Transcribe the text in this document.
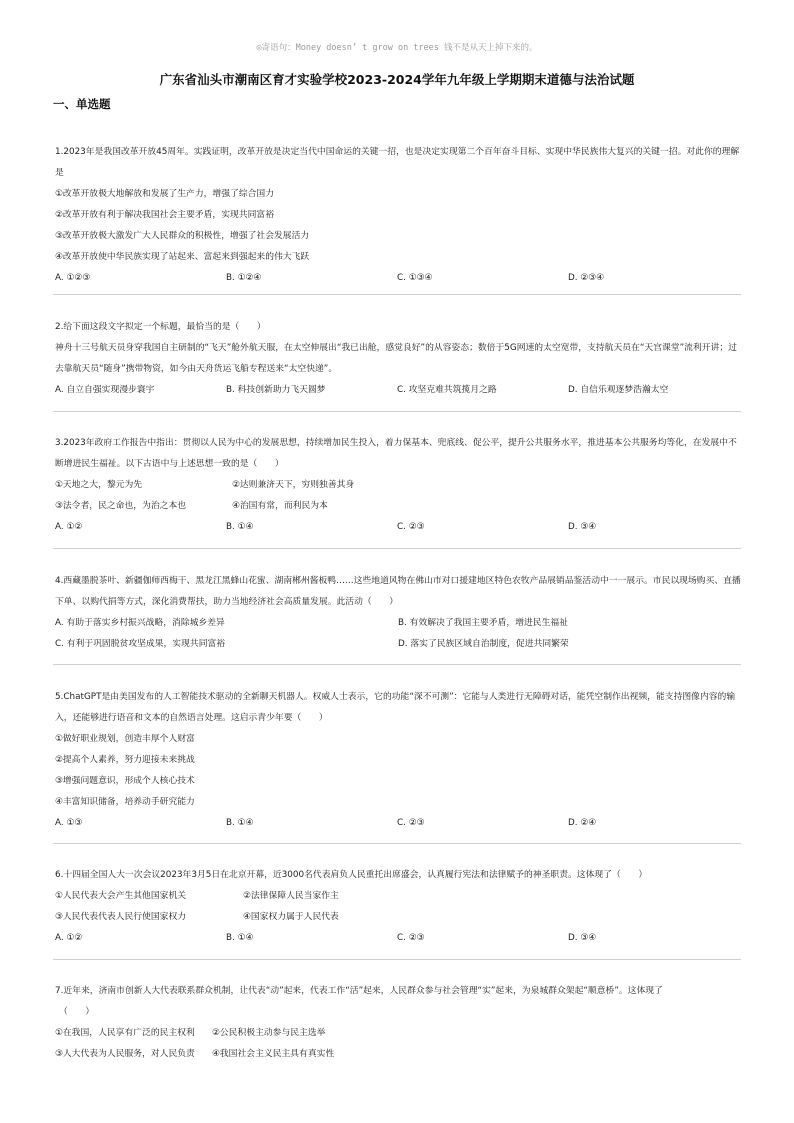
◎寄语句：Money doesn’ t grow on trees 钱不是从天上掉下来的。
广东省汕头市潮南区育才实验学校2023-2024学年九年级上学期期末道德与法治试题
一、单选题
1.2023年是我国改革开放45周年。实践证明，改革开放是决定当代中国命运的关键一招，也是决定实现第二个百年奋斗目标、实现中华民族伟大复兴的关键一招。对此你的理解是
①改革开放极大地解放和发展了生产力，增强了综合国力
②改革开放有利于解决我国社会主要矛盾，实现共同富裕
③改革开放极大激发广大人民群众的积极性，增强了社会发展活力
④改革开放使中华民族实现了站起来、富起来到强起来的伟大飞跃
A. ①②③	B. ①②④	C. ①③④	D. ②③④
2.给下面这段文字拟定一个标题，最恰当的是（　　）
神舟十三号航天员身穿我国自主研制的“飞天”舱外航天服，在太空伸展出“我已出舱，感觉良好”的从容姿态；数倍于5G网速的太空宽带，支持航天员在“天宫课堂”流利开讲；过去靠航天员“随身”携带物资，如今由天舟货运飞船专程送来“太空快递”。
A. 自立自强实现漫步寰宇	B. 科技创新助力飞天圆梦	C. 攻坚克难共筑揽月之路	D. 自信乐观逐梦浩瀚太空
3.2023年政府工作报告中指出：贯彻以人民为中心的发展思想，持续增加民生投入，着力保基本、兜底线、促公平，提升公共服务水平，推进基本公共服务均等化，在发展中不断增进民生福祉。以下古语中与上述思想一致的是（　　）
①天地之大，黎元为先	②达则兼济天下，穷则独善其身
③法令者，民之命也，为治之本也	④治国有常，而利民为本
A. ①②	B. ①④	C. ②③	D. ③④
4.西藏墨脱茶叶、新疆伽师西梅干、黑龙江黑蜂山花蜜、湖南郴州酱板鸭……这些地道风物在佛山市对口援建地区特色农牧产品展销品鉴活动中一一展示。市民以现场购买、直播下单、以购代捐等方式，深化消费帮扶，助力当地经济社会高质量发展。此活动（　　）
A. 有助于落实乡村振兴战略，消除城乡差异	B. 有效解决了我国主要矛盾，增进民生福祉
C. 有利于巩固脱贫攻坚成果，实现共同富裕	D. 落实了民族区域自治制度，促进共同繁荣
5.ChatGPT是由美国发布的人工智能技术驱动的全新聊天机器人。权威人士表示，它的功能“深不可测”：它能与人类进行无障碍对话，能凭空制作出视频，能支持图像内容的输入，还能够进行语音和文本的自然语言处理。这启示青少年要（　　）
①做好职业规划，创造丰厚个人财富
②提高个人素养，努力迎接未来挑战
③增强问题意识，形成个人核心技术
④丰富知识储备，培养动手研究能力
A. ①③	B. ①④	C. ②③	D. ②④
6.十四届全国人大一次会议2023年3月5日在北京开幕，近3000名代表肩负人民重托出席盛会，认真履行宪法和法律赋予的神圣职责。这体现了（　　）
①人民代表大会产生其他国家机关	②法律保障人民当家作主
③人民代表代表人民行使国家权力	④国家权力属于人民代表
A. ①②	B. ①④	C. ②③	D. ③④
7.近年来，济南市创新人大代表联系群众机制，让代表“动”起来，代表工作“活”起来，人民群众参与社会管理“实”起来，为泉城群众架起“顺意桥”。这体现了
（　　）
①在我国，人民享有广泛的民主权利	②公民积极主动参与民主选举
③人大代表为人民服务，对人民负责	④我国社会主义民主具有真实性
